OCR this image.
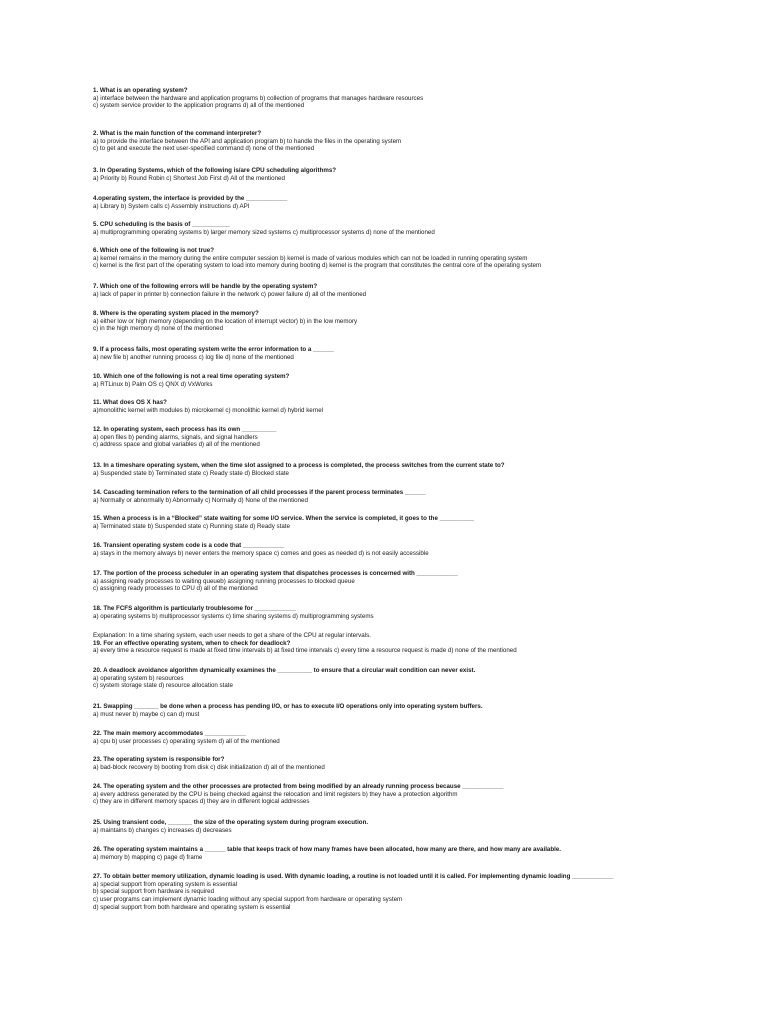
1. What is an operating system?
a) interface between the hardware and application programs b) collection of programs that manages hardware resources
c) system service provider to the application programs d) all of the mentioned
2. What is the main function of the command interpreter?
a) to provide the interface between the API and application program b) to handle the files in the operating system
c) to get and execute the next user-specified command d) none of the mentioned
3. In Operating Systems, which of the following is/are CPU scheduling algorithms?
a) Priority b) Round Robin c) Shortest Job First d) All of the mentioned
4.operating system, the interface is provided by the ____________
a) Library b) System calls c) Assembly instructions d) API
5. CPU scheduling is the basis of ___________
a) multiprogramming operating systems b) larger memory sized systems c) multiprocessor systems d) none of the mentioned
6. Which one of the following is not true?
a) kernel remains in the memory during the entire computer session b) kernel is made of various modules which can not be loaded in running operating system
c) kernel is the first part of the operating system to load into memory during booting d) kernel is the program that constitutes the central core of the operating system
7. Which one of the following errors will be handle by the operating system?
a) lack of paper in printer b) connection failure in the network c) power failure d) all of the mentioned
8. Where is the operating system placed in the memory?
a) either low or high memory (depending on the location of interrupt vector) b) in the low memory
c) in the high memory d) none of the mentioned
9. If a process fails, most operating system write the error information to a ______
a) new file b) another running process c) log file d) none of the mentioned
10. Which one of the following is not a real time operating system?
a) RTLinux b) Palm OS c) QNX d) VxWorks
11. What does OS X has?
a)monolithic kernel with modules b) microkernel c) monolithic kernel d) hybrid kernel
12. In operating system, each process has its own __________
a) open files b) pending alarms, signals, and signal handlers
c) address space and global variables d) all of the mentioned
13. In a timeshare operating system, when the time slot assigned to a process is completed, the process switches from the current state to?
a) Suspended state b) Terminated state c) Ready state d) Blocked state
14. Cascading termination refers to the termination of all child processes if the parent process terminates ______
a) Normally or abnormally b) Abnormally c) Normally d) None of the mentioned
15. When a process is in a “Blocked” state waiting for some I/O service. When the service is completed, it goes to the __________
a) Terminated state b) Suspended state c) Running state d) Ready state
16. Transient operating system code is a code that ____________
a) stays in the memory always b) never enters the memory space c) comes and goes as needed d) is not easily accessible
17. The portion of the process scheduler in an operating system that dispatches processes is concerned with ____________
a) assigning ready processes to waiting queueb) assigning running processes to blocked queue
c) assigning ready processes to CPU d) all of the mentioned
18. The FCFS algorithm is particularly troublesome for ____________
a) operating systems b) multiprocessor systems c) time sharing systems d) multiprogramming systems
Explanation: In a time sharing system, each user needs to get a share of the CPU at regular intervals.
19. For an effective operating system, when to check for deadlock?
a) every time a resource request is made at fixed time intervals b) at fixed time intervals c) every time a resource request is made d) none of the mentioned
20. A deadlock avoidance algorithm dynamically examines the __________ to ensure that a circular wait condition can never exist.
a) operating system b) resources
c) system storage state d) resource allocation state
21. Swapping _______ be done when a process has pending I/O, or has to execute I/O operations only into operating system buffers.
a) must never b) maybe c) can d) must
22. The main memory accommodates ____________
a) cpu b) user processes c) operating system d) all of the mentioned
23. The operating system is responsible for?
a) bad-block recovery b) booting from disk c) disk initialization d) all of the mentioned
24. The operating system and the other processes are protected from being modified by an already running process because ____________
a) every address generated by the CPU is being checked against the relocation and limit registers b) they have a protection algorithm
c) they are in different memory spaces d) they are in different logical addresses
25. Using transient code, _______ the size of the operating system during program execution.
a) maintains b) changes c) increases d) decreases
26. The operating system maintains a ______ table that keeps track of how many frames have been allocated, how many are there, and how many are available.
a) memory b) mapping c) page d) frame
27. To obtain better memory utilization, dynamic loading is used. With dynamic loading, a routine is not loaded until it is called. For implementing dynamic loading ____________
a) special support from operating system is essential
b) special support from hardware is required
c) user programs can implement dynamic loading without any special support from hardware or operating system
d) special support from both hardware and operating system is essential
